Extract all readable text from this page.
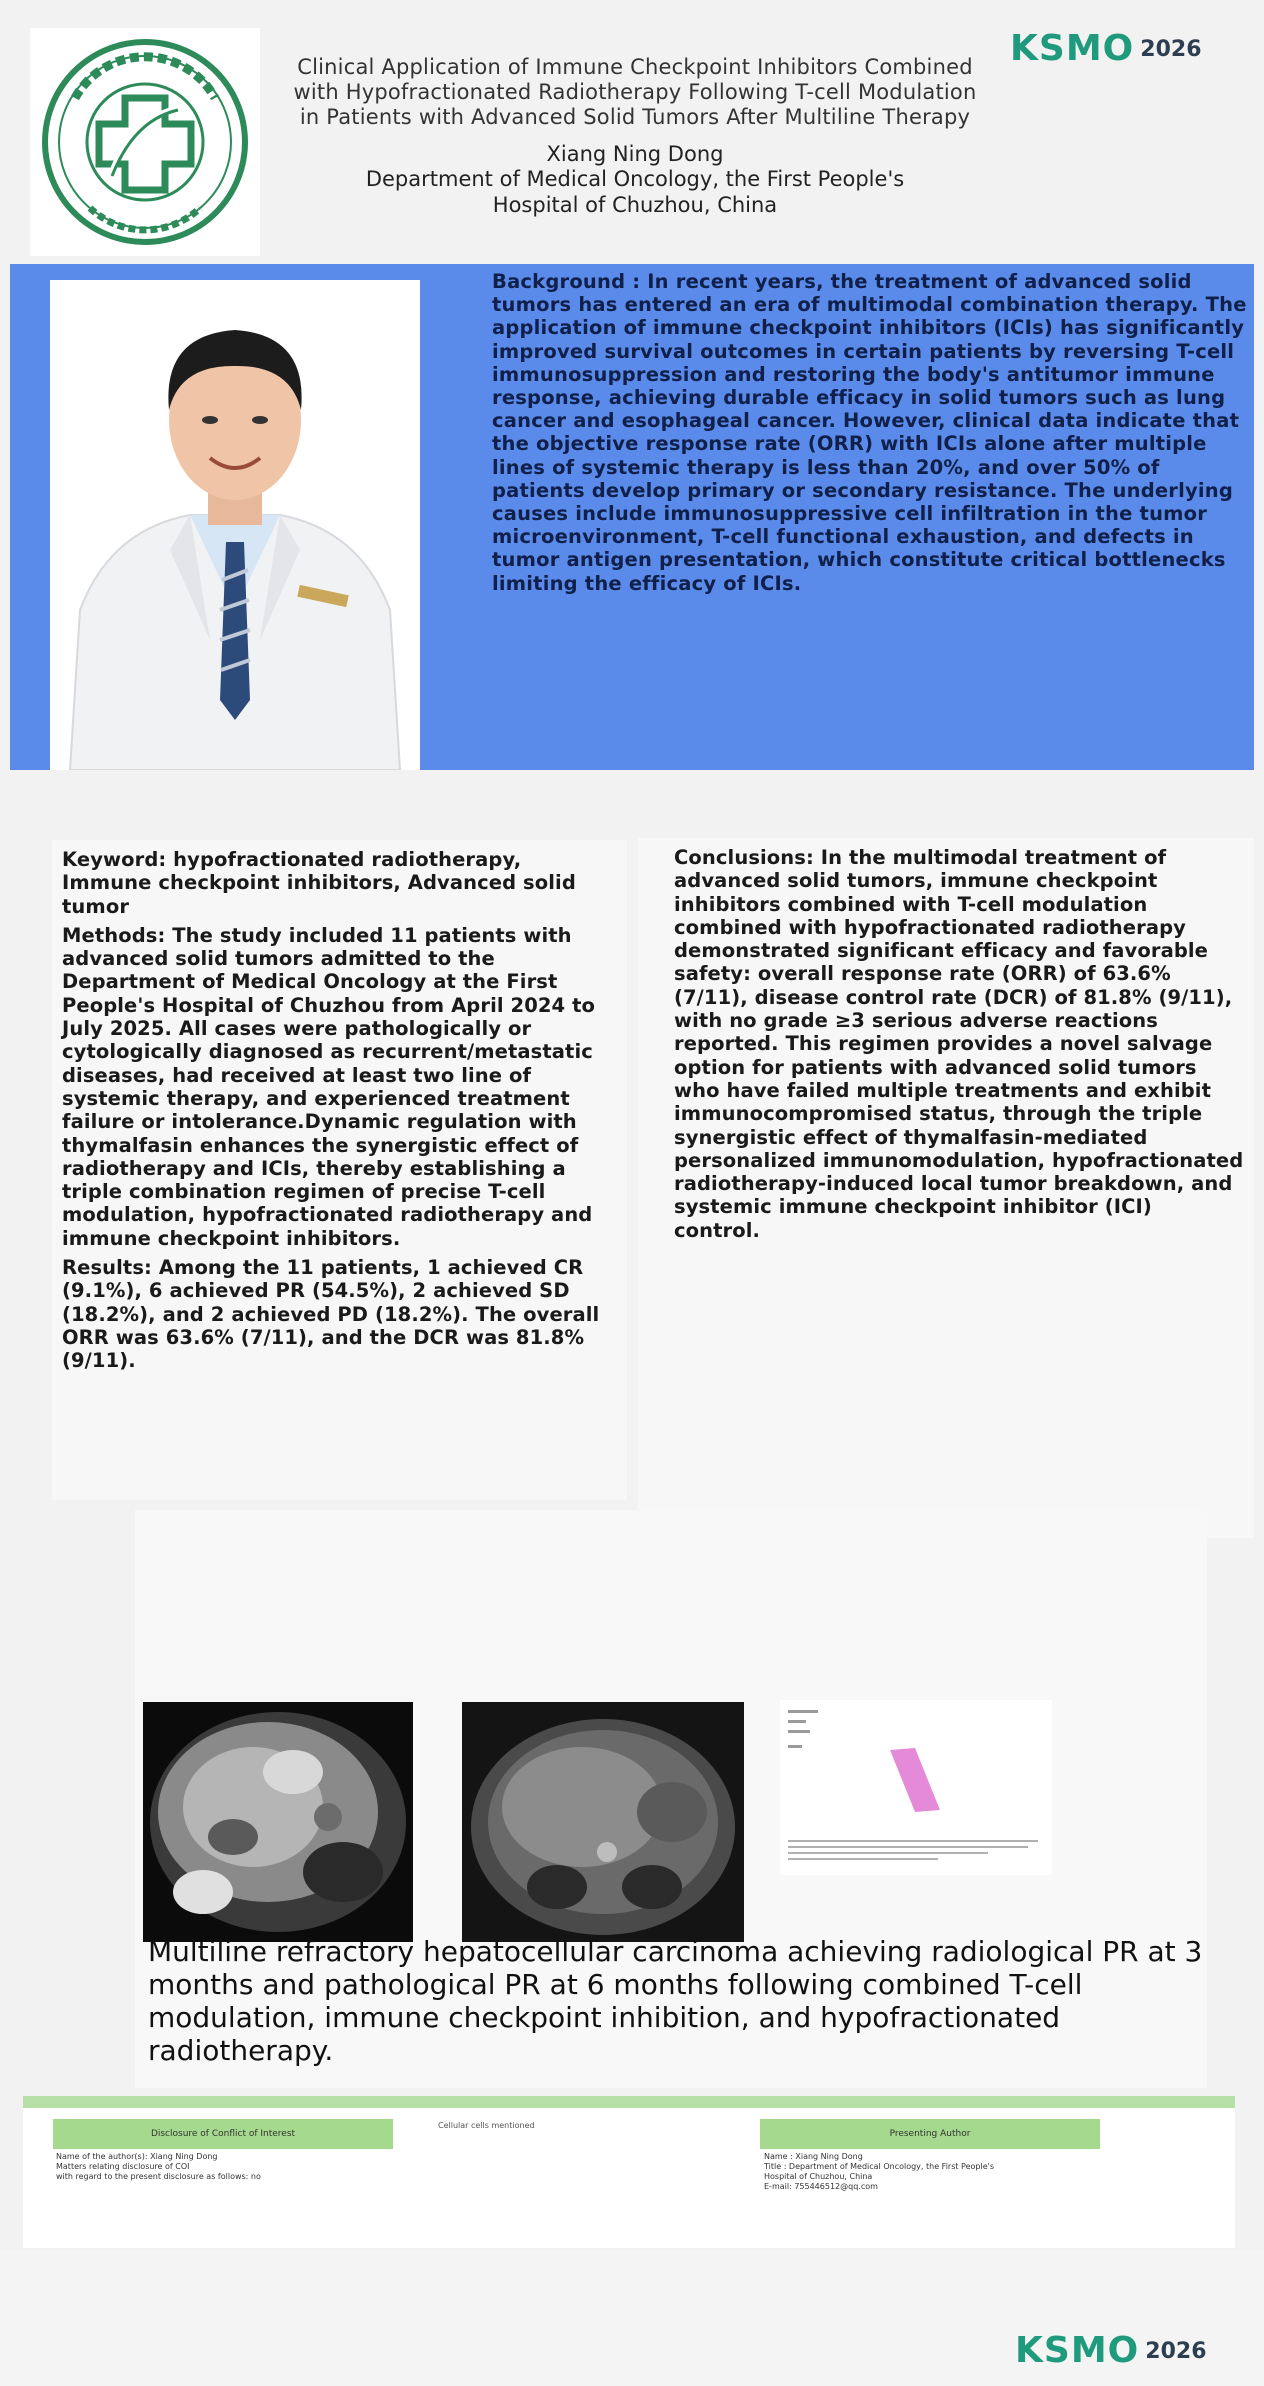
Clinical Application of Immune Checkpoint Inhibitors Combined
with Hypofractionated Radiotherapy Following T-cell Modulation
in Patients with Advanced Solid Tumors After Multiline Therapy
Xiang Ning Dong
Department of Medical Oncology, the First People's
Hospital of Chuzhou, China
KSMO 2026
Background : In recent years, the treatment of advanced solid tumors has entered an era of multimodal combination therapy. The application of immune checkpoint inhibitors (ICIs) has significantly improved survival outcomes in certain patients by reversing T-cell immunosuppression and restoring the body's antitumor immune response, achieving durable efficacy in solid tumors such as lung cancer and esophageal cancer. However, clinical data indicate that the objective response rate (ORR) with ICIs alone after multiple lines of systemic therapy is less than 20%, and over 50% of patients develop primary or secondary resistance. The underlying causes include immunosuppressive cell infiltration in the tumor microenvironment, T-cell functional exhaustion, and defects in tumor antigen presentation, which constitute critical bottlenecks limiting the efficacy of ICIs.

Keyword: hypofractionated radiotherapy, Immune checkpoint inhibitors, Advanced solid tumor

Methods: The study included 11 patients with advanced solid tumors admitted to the Department of Medical Oncology at the First People's Hospital of Chuzhou from April 2024 to July 2025. All cases were pathologically or cytologically diagnosed as recurrent/metastatic diseases, had received at least two line of systemic therapy, and experienced treatment failure or intolerance.Dynamic regulation with thymalfasin enhances the synergistic effect of radiotherapy and ICIs, thereby establishing a triple combination regimen of precise T-cell modulation, hypofractionated radiotherapy and immune checkpoint inhibitors.

Results: Among the 11 patients, 1 achieved CR (9.1%), 6 achieved PR (54.5%), 2 achieved SD (18.2%), and 2 achieved PD (18.2%). The overall ORR was 63.6% (7/11), and the DCR was 81.8% (9/11).

Conclusions: In the multimodal treatment of advanced solid tumors, immune checkpoint inhibitors combined with T-cell modulation combined with hypofractionated radiotherapy demonstrated significant efficacy and favorable safety: overall response rate (ORR) of 63.6% (7/11), disease control rate (DCR) of 81.8% (9/11), with no grade ≥3 serious adverse reactions reported. This regimen provides a novel salvage option for patients with advanced solid tumors who have failed multiple treatments and exhibit immunocompromised status, through the triple synergistic effect of thymalfasin-mediated personalized immunomodulation, hypofractionated radiotherapy-induced local tumor breakdown, and systemic immune checkpoint inhibitor (ICI) control.

Multiline refractory hepatocellular carcinoma achieving radiological PR at 3 months and pathological PR at 6 months following combined T-cell modulation, immune checkpoint inhibition, and hypofractionated radiotherapy.
Disclosure of Conflict of Interest
Cellular cells mentioned
Presenting Author
Name of the author(s): Xiang Ning Dong
Matters relating disclosure of COI
with regard to the present disclosure as follows: no
Name : Xiang Ning Dong
Title : Department of Medical Oncology, the First People's
Hospital of Chuzhou, China
E-mail: 755446512@qq.com
KSMO 2026
